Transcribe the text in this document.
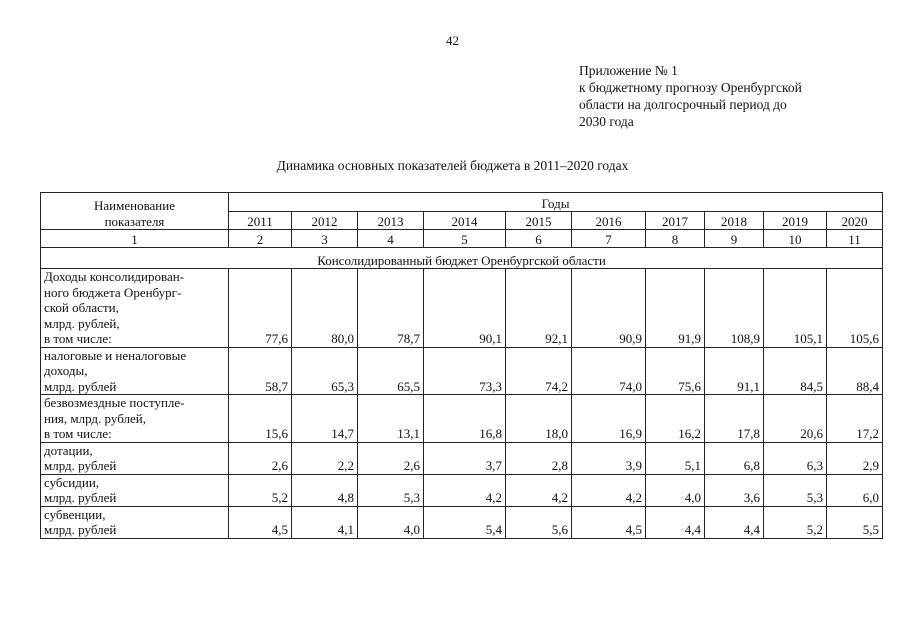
42
Приложение № 1
к бюджетному прогнозу Оренбургской
области на долгосрочный период до
2030 года
Динамика основных показателей бюджета в 2011–2020 годах
Наименование
показателя	Годы									
	2011	2012	2013	2014	2015	2016	2017	2018	2019	2020
1	2	3	4	5	6	7	8	9	10	11
Консолидированный бюджет Оренбургской области										

Доходы консолидирован-
ного бюджета Оренбург-
ской области,
млрд. рублей,
в том числе:	77,6	80,0	78,7	90,1	92,1	90,9	91,9	108,9	105,1	105,6

налоговые и неналоговые
доходы,
млрд. рублей	58,7	65,3	65,5	73,3	74,2	74,0	75,6	91,1	84,5	88,4

безвозмездные поступле-
ния, млрд. рублей,
в том числе:	15,6	14,7	13,1	16,8	18,0	16,9	16,2	17,8	20,6	17,2

дотации,
млрд. рублей	2,6	2,2	2,6	3,7	2,8	3,9	5,1	6,8	6,3	2,9

субсидии,
млрд. рублей	5,2	4,8	5,3	4,2	4,2	4,2	4,0	3,6	5,3	6,0

субвенции,
млрд. рублей	4,5	4,1	4,0	5,4	5,6	4,5	4,4	4,4	5,2	5,5
